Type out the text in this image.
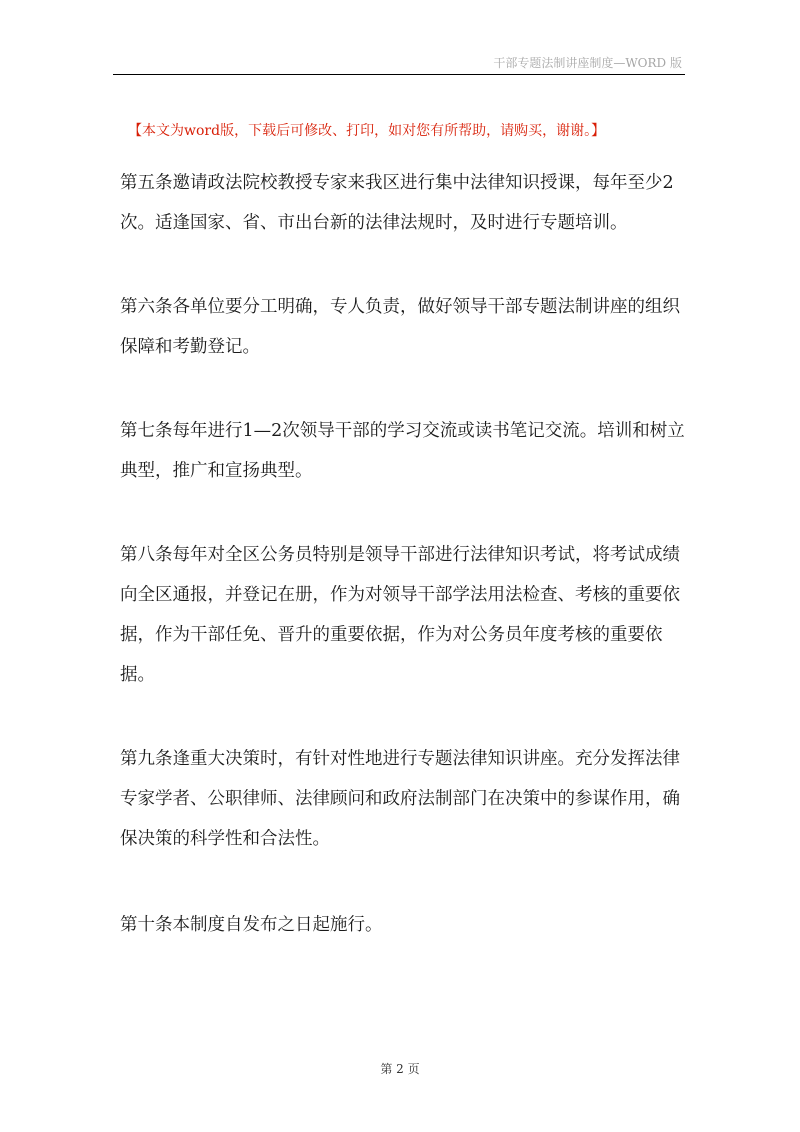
干部专题法制讲座制度—WORD 版
【本文为word版，下载后可修改、打印，如对您有所帮助，请购买，谢谢。】

第五条邀请政法院校教授专家来我区进行集中法律知识授课，每年至少2次。适逢国家、省、市出台新的法律法规时，及时进行专题培训。

第六条各单位要分工明确，专人负责，做好领导干部专题法制讲座的组织保障和考勤登记。

第七条每年进行1—2次领导干部的学习交流或读书笔记交流。培训和树立典型，推广和宣扬典型。

第八条每年对全区公务员特别是领导干部进行法律知识考试，将考试成绩向全区通报，并登记在册，作为对领导干部学法用法检查、考核的重要依据，作为干部任免、晋升的重要依据，作为对公务员年度考核的重要依据。

第九条逢重大决策时，有针对性地进行专题法律知识讲座。充分发挥法律专家学者、公职律师、法律顾问和政府法制部门在决策中的参谋作用，确保决策的科学性和合法性。

第十条本制度自发布之日起施行。

第 2 页
